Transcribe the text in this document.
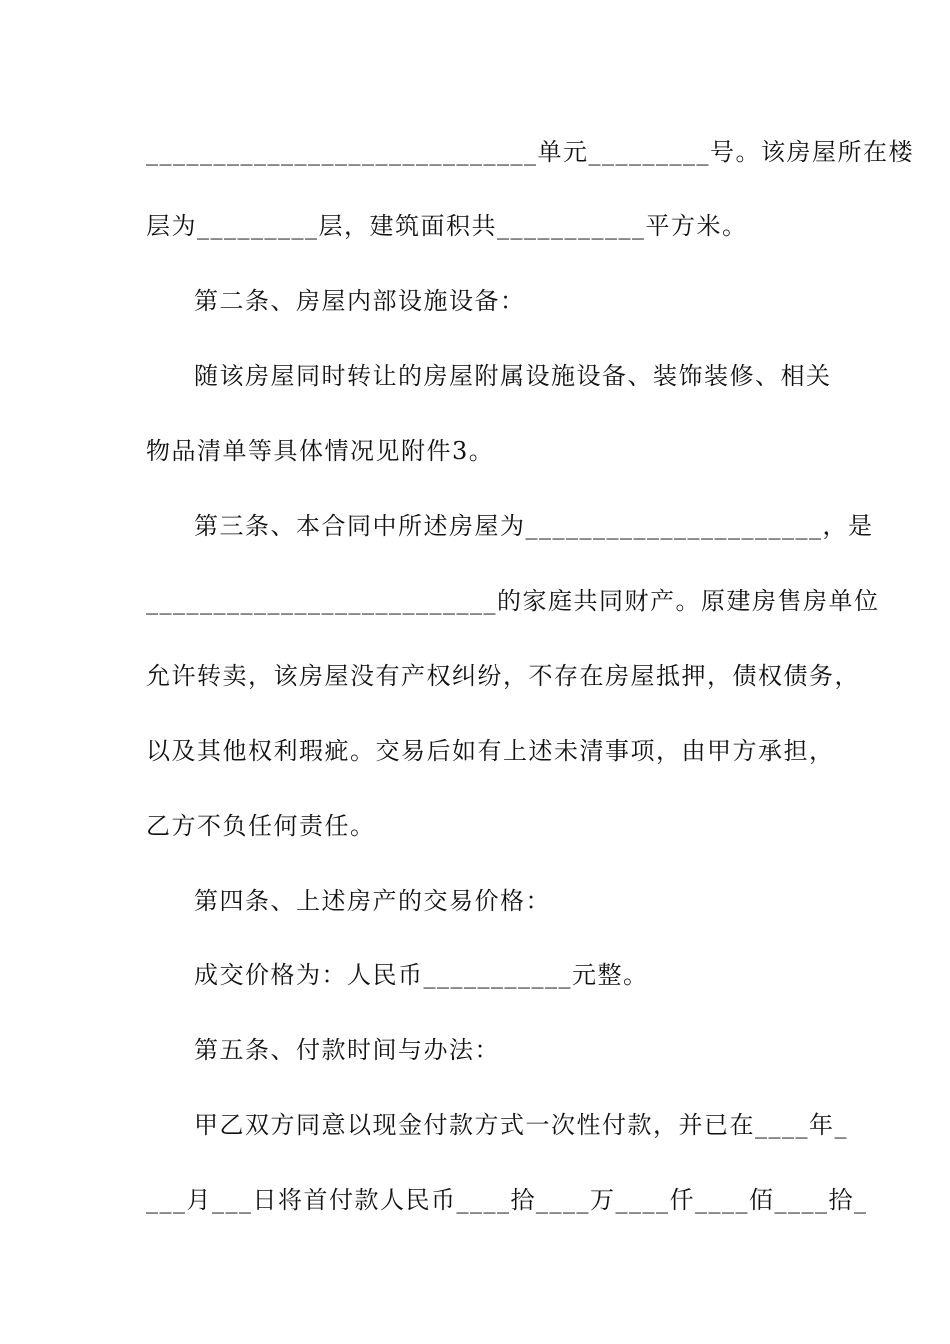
_____________________________单元_________号。该房屋所在楼
层为_________层，建筑面积共___________平方米。
第二条、房屋内部设施设备：
随该房屋同时转让的房屋附属设施设备、装饰装修、相关
物品清单等具体情况见附件3。
第三条、本合同中所述房屋为______________________，是
__________________________的家庭共同财产。原建房售房单位
允许转卖，该房屋没有产权纠纷，不存在房屋抵押，债权债务，
以及其他权利瑕疵。交易后如有上述未清事项，由甲方承担，
乙方不负任何责任。
第四条、上述房产的交易价格：
成交价格为：人民币___________元整。
第五条、付款时间与办法：
甲乙双方同意以现金付款方式一次性付款，并已在____年_
___月___日将首付款人民币____拾____万____仟____佰____拾_
